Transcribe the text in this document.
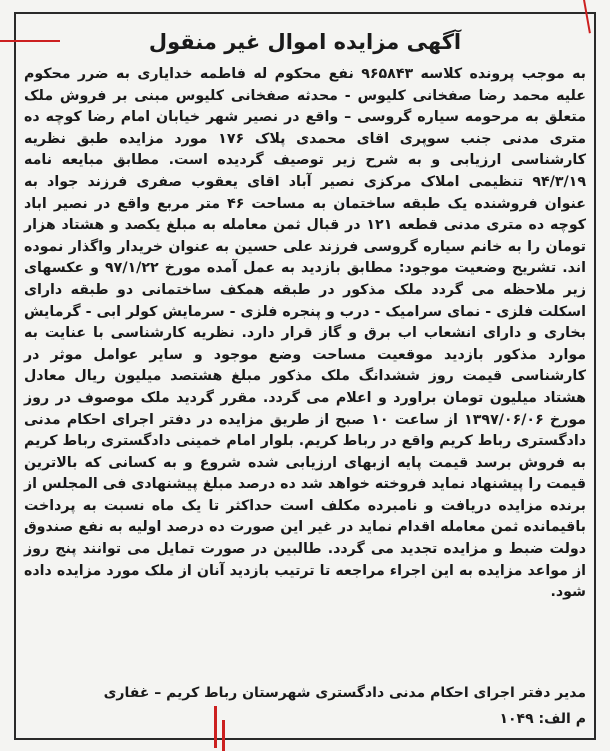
آگهی مزایده اموال غیر منقول

به موجب پرونده کلاسه ۹۶۵۸۴۳ نفع محکوم له فاطمه خدایاری به ضرر محکوم علیه محمد رضا صفخانی کلیوس - محدثه صفخانی کلیوس مبنی بر فروش ملک متعلق به مرحومه سیاره گروسی – واقع در نصیر شهر خیابان امام رضا کوچه ده متری مدنی جنب سوپری اقای محمدی پلاک ۱۷۶ مورد مزایده طبق نظریه کارشناسی ارزیابی و به شرح زیر توصیف گردیده است. مطابق مبایعه نامه ۹۴/۳/۱۹ تنظیمی املاک مرکزی نصیر آباد اقای یعقوب صفری فرزند جواد به عنوان فروشنده یک طبقه ساختمان به مساحت ۴۶ متر مربع واقع در نصیر اباد کوچه ده متری مدنی قطعه ۱۲۱ در قبال ثمن معامله به مبلغ یکصد و هشتاد هزار تومان را به خانم سیاره گروسی فرزند علی حسین به عنوان خریدار واگذار نموده اند. تشریح وضعیت موجود: مطابق بازدید به عمل آمده مورخ ۹۷/۱/۲۲ و عکسهای زیر ملاحظه می گردد ملک مذکور در طبقه همکف ساختمانی دو طبقه دارای اسکلت فلزی - نمای سرامیک - درب و پنجره فلزی - سرمایش کولر ابی - گرمایش بخاری و دارای انشعاب اب برق و گاز قرار دارد. نظریه کارشناسی با عنایت به موارد مذکور بازدید موقعیت مساحت وضع موجود و سایر عوامل موثر در کارشناسی قیمت روز ششدانگ ملک مذکور مبلغ هشتصد میلیون ریال معادل هشتاد میلیون تومان براورد و اعلام می گردد. مقرر گردید ملک موصوف در روز مورخ ۱۳۹۷/۰۶/۰۶ از ساعت ۱۰ صبح از طریق مزایده در دفتر اجرای احکام مدنی دادگستری رباط کریم واقع در رباط کریم. بلوار امام خمینی دادگستری رباط کریم به فروش برسد قیمت پایه ازبهای ارزیابی شده شروع و به کسانی که بالاترین قیمت را پیشنهاد نماید فروخته خواهد شد ده درصد مبلغ پیشنهادی فی المجلس از برنده مزایده دریافت و نامبرده مکلف است حداکثر تا یک ماه نسبت به پرداخت باقیمانده ثمن معامله اقدام نماید در غیر این صورت ده درصد اولیه به نفع صندوق دولت ضبط و مزایده تجدید می گردد. طالبین در صورت تمایل می توانند پنج روز از مواعد مزایده به این اجراء مراجعه تا ترتیب بازدید آنان از ملک مورد مزایده داده شود.

مدیر دفتر اجرای احکام مدنی دادگستری شهرستان رباط کریم – غفاری

م الف: ۱۰۴۹
